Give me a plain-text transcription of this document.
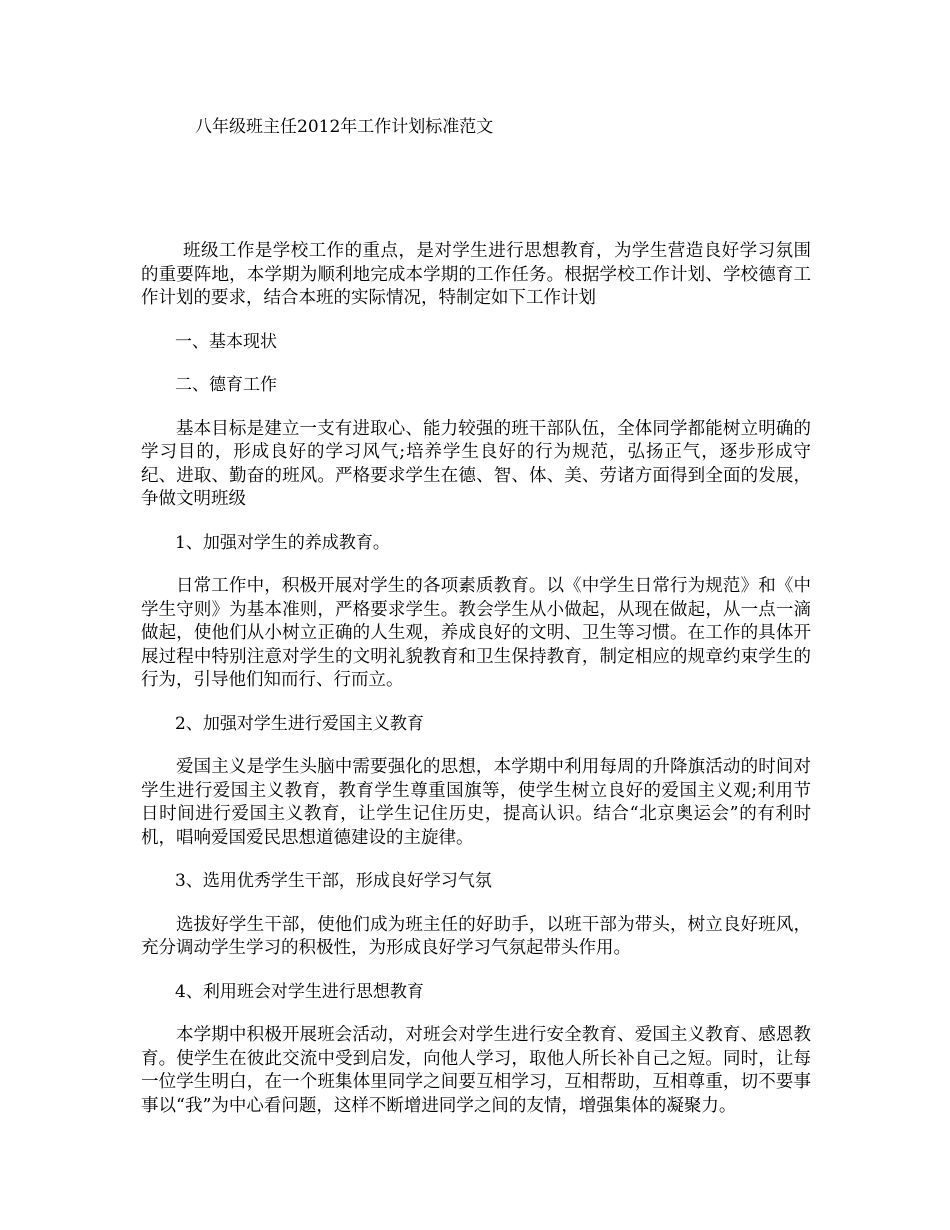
八年级班主任2012年工作计划标准范文

班级工作是学校工作的重点，是对学生进行思想教育，为学生营造良好学习氛围的重要阵地，本学期为顺利地完成本学期的工作任务。根据学校工作计划、学校德育工作计划的要求，结合本班的实际情况，特制定如下工作计划

一、基本现状

二、德育工作

基本目标是建立一支有进取心、能力较强的班干部队伍，全体同学都能树立明确的学习目的，形成良好的学习风气;培养学生良好的行为规范，弘扬正气，逐步形成守纪、进取、勤奋的班风。严格要求学生在德、智、体、美、劳诸方面得到全面的发展，争做文明班级

1、加强对学生的养成教育。

日常工作中，积极开展对学生的各项素质教育。以《中学生日常行为规范》和《中学生守则》为基本准则，严格要求学生。教会学生从小做起，从现在做起，从一点一滴做起，使他们从小树立正确的人生观，养成良好的文明、卫生等习惯。在工作的具体开展过程中特别注意对学生的文明礼貌教育和卫生保持教育，制定相应的规章约束学生的行为，引导他们知而行、行而立。

2、加强对学生进行爱国主义教育

爱国主义是学生头脑中需要强化的思想，本学期中利用每周的升降旗活动的时间对学生进行爱国主义教育，教育学生尊重国旗等，使学生树立良好的爱国主义观;利用节日时间进行爱国主义教育，让学生记住历史，提高认识。结合“北京奥运会”的有利时机，唱响爱国爱民思想道德建设的主旋律。

3、选用优秀学生干部，形成良好学习气氛

选拔好学生干部，使他们成为班主任的好助手，以班干部为带头，树立良好班风，充分调动学生学习的积极性，为形成良好学习气氛起带头作用。

4、利用班会对学生进行思想教育

本学期中积极开展班会活动，对班会对学生进行安全教育、爱国主义教育、感恩教育。使学生在彼此交流中受到启发，向他人学习，取他人所长补自己之短。同时，让每一位学生明白，在一个班集体里同学之间要互相学习，互相帮助，互相尊重，切不要事事以“我”为中心看问题，这样不断增进同学之间的友情，增强集体的凝聚力。
